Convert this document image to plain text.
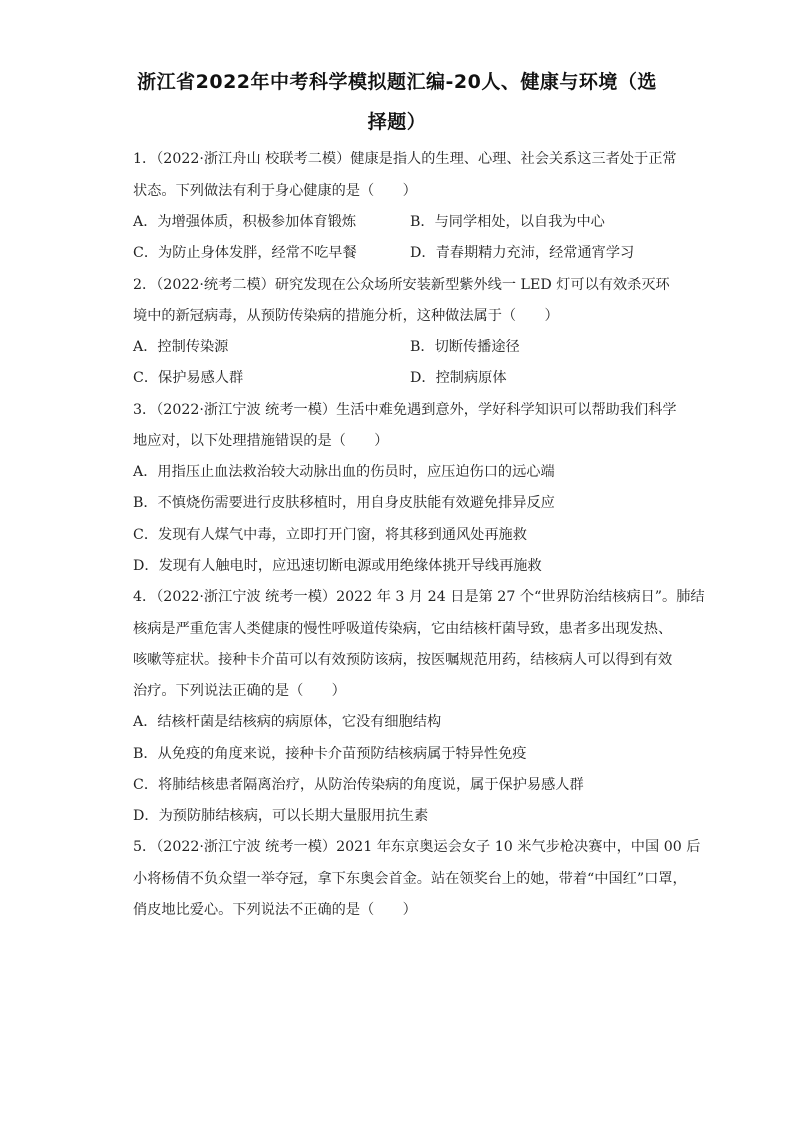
浙江省2022年中考科学模拟题汇编-20人、健康与环境（选
择题）
1．（2022·浙江舟山 校联考二模）健康是指人的生理、心理、社会关系这三者处于正常
状态。下列做法有利于身心健康的是（　　）
A．为增强体质，积极参加体育锻炼	B．与同学相处，以自我为中心
C．为防止身体发胖，经常不吃早餐	D．青春期精力充沛，经常通宵学习
2．（2022·统考二模）研究发现在公众场所安装新型紫外线一 LED 灯可以有效杀灭环
境中的新冠病毒，从预防传染病的措施分析，这种做法属于（　　）
A．控制传染源	B．切断传播途径
C．保护易感人群	D．控制病原体
3．（2022·浙江宁波 统考一模）生活中难免遇到意外，学好科学知识可以帮助我们科学
地应对，以下处理措施错误的是（　　）
A．用指压止血法救治较大动脉出血的伤员时，应压迫伤口的远心端
B．不慎烧伤需要进行皮肤移植时，用自身皮肤能有效避免排异反应
C．发现有人煤气中毒，立即打开门窗，将其移到通风处再施救
D．发现有人触电时，应迅速切断电源或用绝缘体挑开导线再施救
4．（2022·浙江宁波 统考一模）2022 年 3 月 24 日是第 27 个“世界防治结核病日”。肺结
核病是严重危害人类健康的慢性呼吸道传染病，它由结核杆菌导致，患者多出现发热、
咳嗽等症状。接种卡介苗可以有效预防该病，按医嘱规范用药，结核病人可以得到有效
治疗。下列说法正确的是（　　）
A．结核杆菌是结核病的病原体，它没有细胞结构
B．从免疫的角度来说，接种卡介苗预防结核病属于特异性免疫
C．将肺结核患者隔离治疗，从防治传染病的角度说，属于保护易感人群
D．为预防肺结核病，可以长期大量服用抗生素
5．（2022·浙江宁波 统考一模）2021 年东京奥运会女子 10 米气步枪决赛中，中国 00 后
小将杨倩不负众望一举夺冠，拿下东奥会首金。站在领奖台上的她，带着“中国红”口罩，
俏皮地比爱心。下列说法不正确的是（　　）
